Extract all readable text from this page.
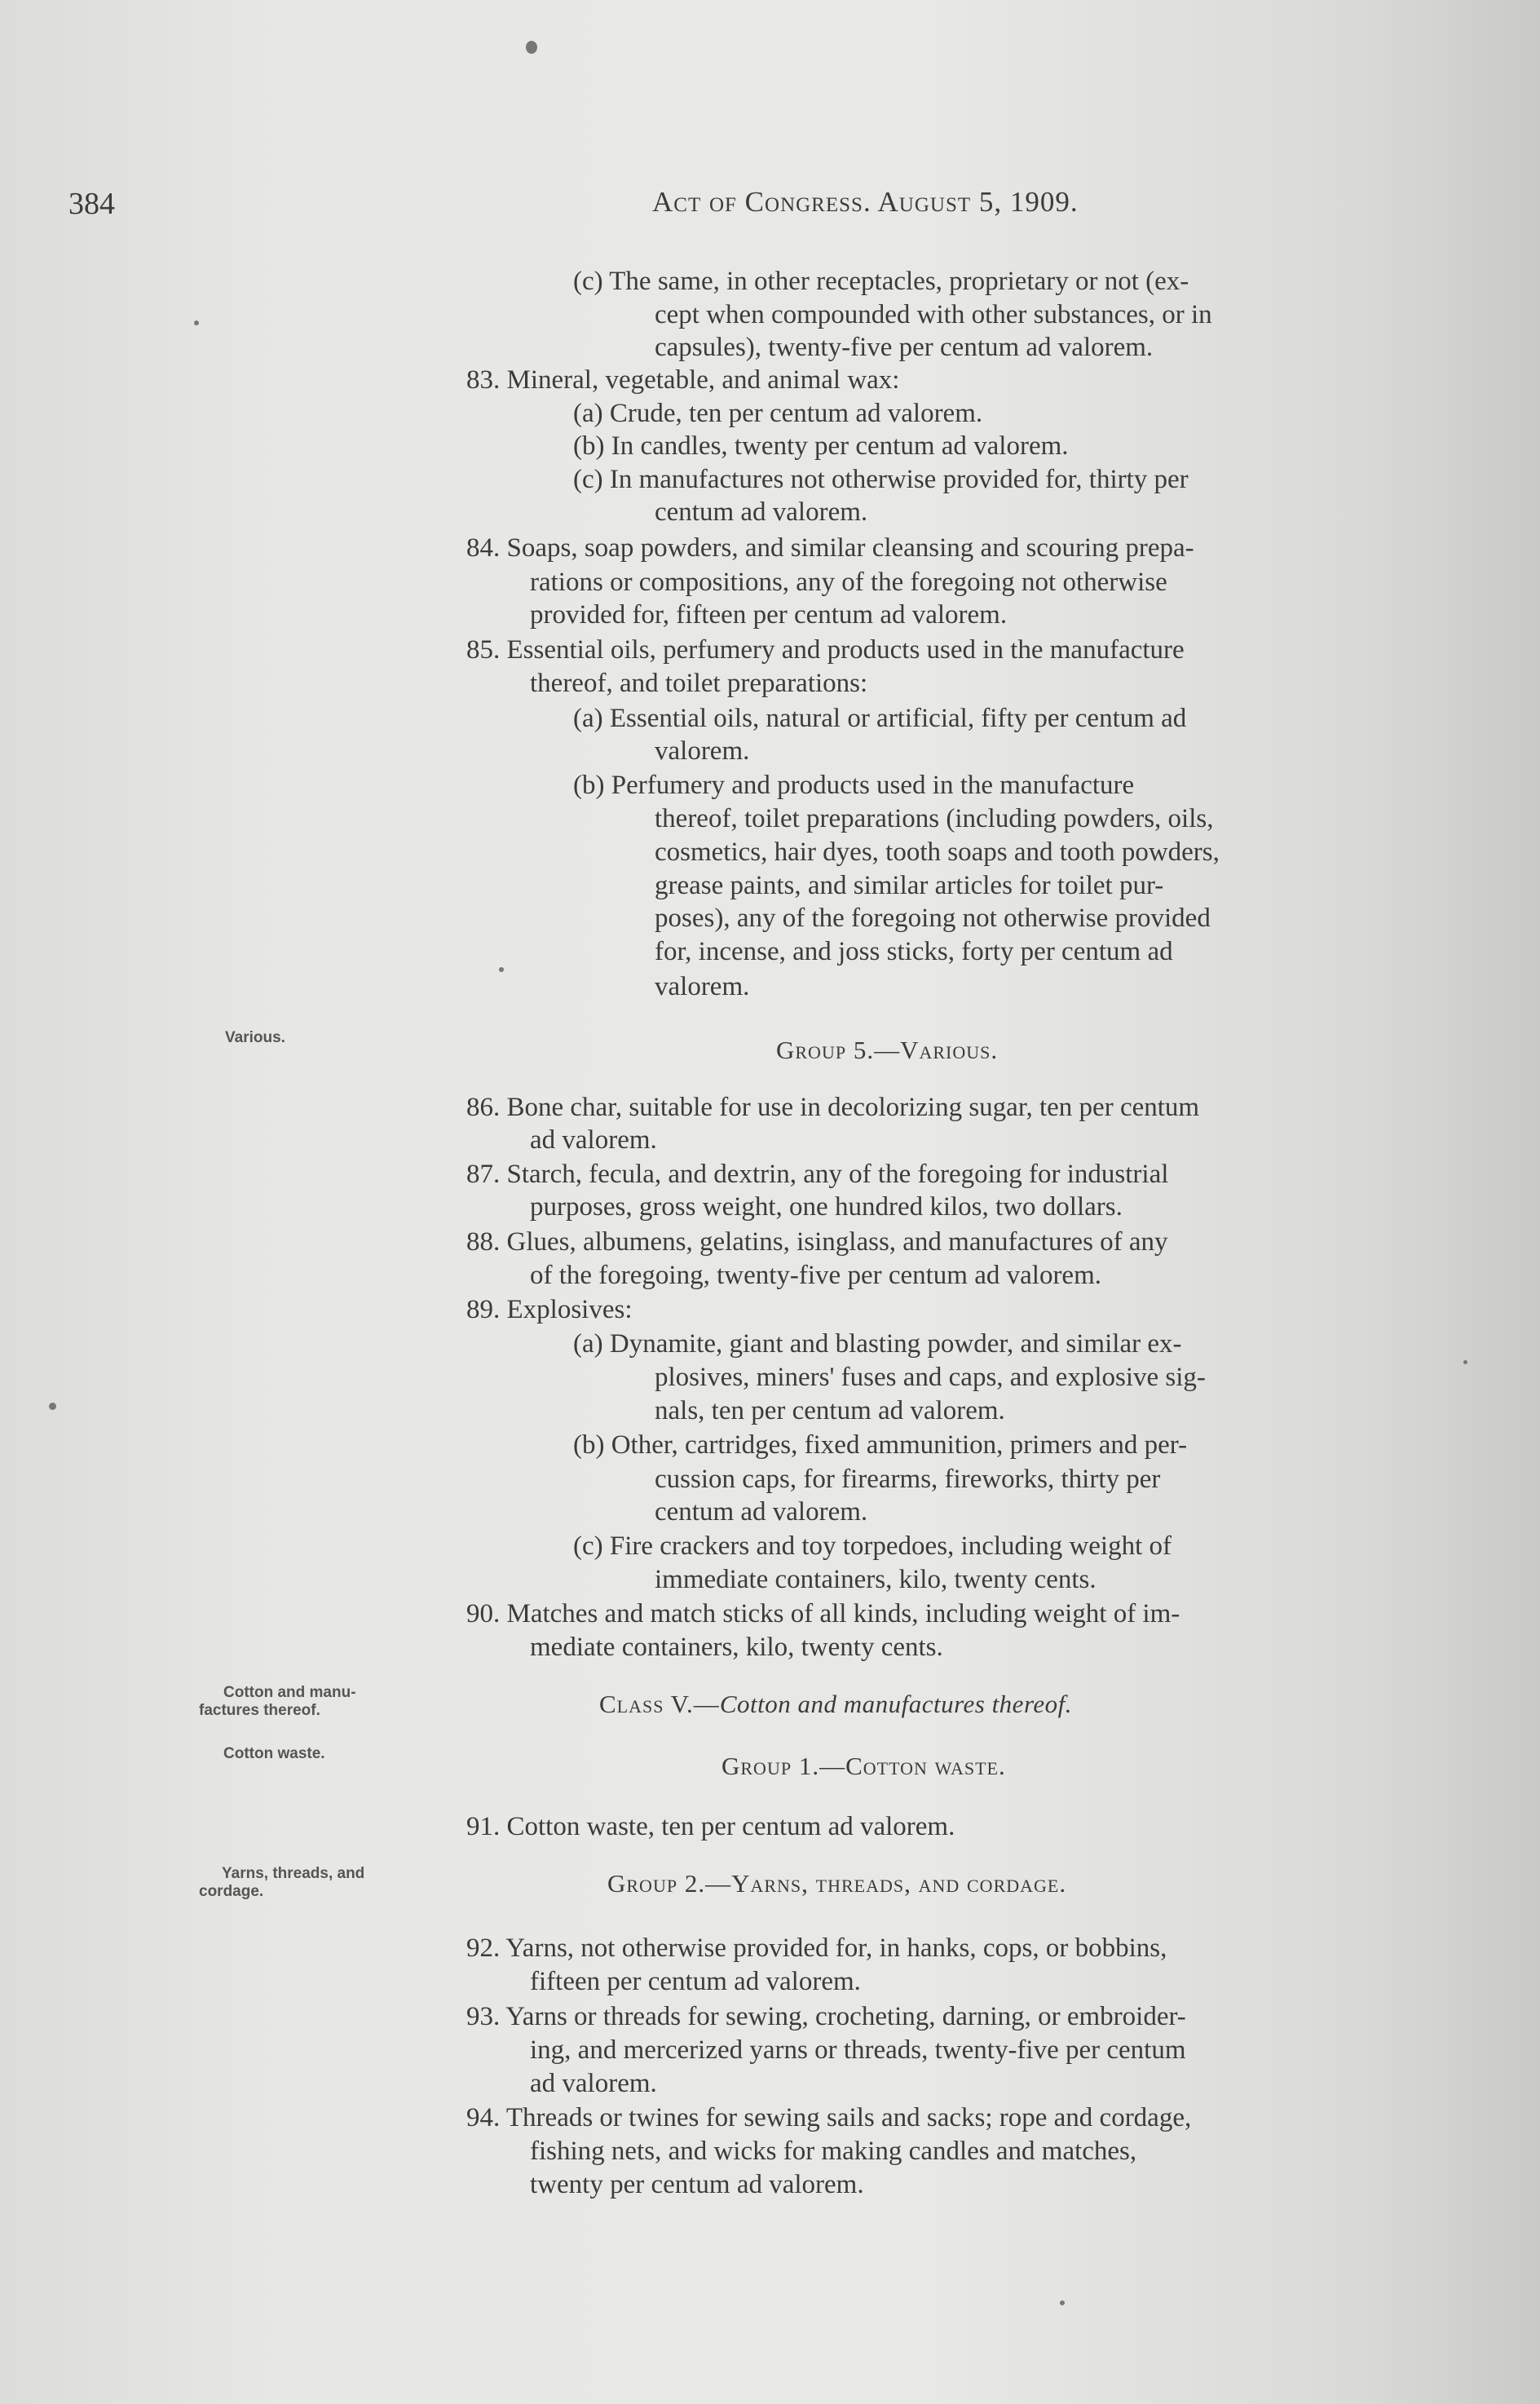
384	Act of Congress. August 5, 1909.
Various.
Cotton and manu-
factures thereof.
Cotton waste.
Yarns, threads, and
cordage.
Group 5.—Various.
Class V.—Cotton and manufactures thereof.
Group 1.—Cotton waste.
Group 2.—Yarns, threads, and cordage.
(c) The same, in other receptacles, proprietary or not (ex-
cept when compounded with other substances, or in
capsules), twenty-five per centum ad valorem.
83. Mineral, vegetable, and animal wax:
(a) Crude, ten per centum ad valorem.
(b) In candles, twenty per centum ad valorem.
(c) In manufactures not otherwise provided for, thirty per
centum ad valorem.
84. Soaps, soap powders, and similar cleansing and scouring prepa-
rations or compositions, any of the foregoing not otherwise
provided for, fifteen per centum ad valorem.
85. Essential oils, perfumery and products used in the manufacture
thereof, and toilet preparations:
(a) Essential oils, natural or artificial, fifty per centum ad
valorem.
(b) Perfumery and products used in the manufacture
thereof, toilet preparations (including powders, oils,
cosmetics, hair dyes, tooth soaps and tooth powders,
grease paints, and similar articles for toilet pur-
poses), any of the foregoing not otherwise provided
for, incense, and joss sticks, forty per centum ad
valorem.
86. Bone char, suitable for use in decolorizing sugar, ten per centum
ad valorem.
87. Starch, fecula, and dextrin, any of the foregoing for industrial
purposes, gross weight, one hundred kilos, two dollars.
88. Glues, albumens, gelatins, isinglass, and manufactures of any
of the foregoing, twenty-five per centum ad valorem.
89. Explosives:
(a) Dynamite, giant and blasting powder, and similar ex-
plosives, miners' fuses and caps, and explosive sig-
nals, ten per centum ad valorem.
(b) Other, cartridges, fixed ammunition, primers and per-
cussion caps, for firearms, fireworks, thirty per
centum ad valorem.
(c) Fire crackers and toy torpedoes, including weight of
immediate containers, kilo, twenty cents.
90. Matches and match sticks of all kinds, including weight of im-
mediate containers, kilo, twenty cents.
91. Cotton waste, ten per centum ad valorem.
92. Yarns, not otherwise provided for, in hanks, cops, or bobbins,
fifteen per centum ad valorem.
93. Yarns or threads for sewing, crocheting, darning, or embroider-
ing, and mercerized yarns or threads, twenty-five per centum
ad valorem.
94. Threads or twines for sewing sails and sacks; rope and cordage,
fishing nets, and wicks for making candles and matches,
twenty per centum ad valorem.
